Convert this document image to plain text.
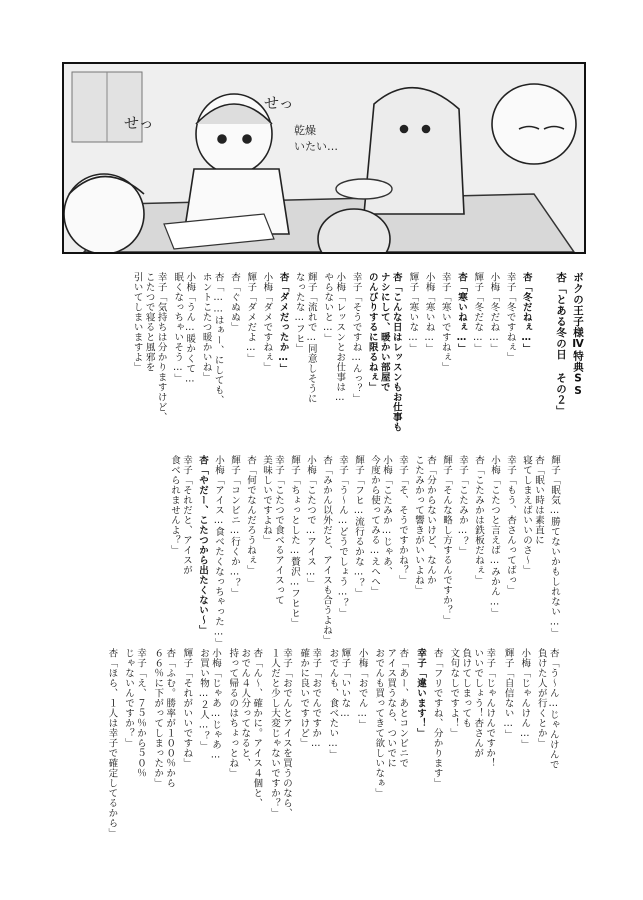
せっ
せっ	乾燥
いたい…
ボクの王子様Ⅳ特典SS
杏「とある冬の日 その２」
杏「冬だねぇ…」
幸子「冬ですねぇ」
小梅「冬だね…」
輝子「冬だな…」
杏「寒いねぇ…」
幸子「寒いですねぇ」
小梅「寒いね…」
輝子「寒いな…」
杏「こんな日はレッスンもお仕事も
ナシにして、暖かい部屋で
のんびりするに限るねぇ」
幸子「そうですね…んっ？」
小梅「レッスンとお仕事は…
やらないと…」
輝子「流れで…同意しそうに
なったな…フヒ」
杏「ダメだったか…」
小梅「ダメですねぇ」
輝子「ダメだよ…」
杏「ぐぬぬ」
杏「……はぁー、にしても、
ホントこたつ暖かいね」
小梅「うん…暖かくて…
眠くなっちゃいそう…」
幸子「気持ちは分かりますけど、
こたつで寝ると風邪を
引いてしまいますよ」
輝子「眠気…勝てないかもしれない…」
杏「眠い時は素直に
寝てしまえばいいのさ～」
幸子「もう、杏さんってばっ」
小梅「こたつと言えば…みかん…」
杏「こたみかは鉄板だねぇ」
幸子「こたみか…？」
輝子「そんな略し方するんですか？」
杏「分からないけど、なんか
こたみかって響きがいいよね」
幸子「そ、そうですかね？」
小梅「こたみか…じゃあ、
今度から使ってみる…えへへ」
輝子「フヒ…流行るかな…？」
幸子「う～ん…どうでしょう…？」
杏「みかん以外だと、アイスも合うよね」
小梅「こたつで…アイス…」
輝子「ちょっとした…贅沢…フヒヒ」
幸子「こたつで食べるアイスって
美味しいですよね」
杏「何でなんだろうねぇ」
輝子「コンビニ…行くか…？」
小梅「アイス…食べたくなっちゃった…」
杏「やだー、こたつから出たくない～」
幸子「それだと、アイスが
食べられませんよ？」
杏「う～ん…じゃんけんで
負けた人が行くとか」
小梅「じゃんけん…」
輝子「自信ない…」
幸子「じゃんけんですか！
いいでしょう！杏さんが
負けてしまっても
文句なしですよ！」
杏「フリですね、分かります」
幸子「違います！」
杏「あー、あとコンビニで
アイス買うなら、ついでに
おでんも買ってきて欲しいなぁ」
小梅「おでん…」
輝子「いいな…
おでんも、食べたい…」
幸子「おでんですか…
確かに良いですけど」
幸子「おでんとアイスを買うのなら、
１人だと少し大変じゃないですか？」
杏「ん～、確かに。アイス４個と、
おでん４人分ってなると、
持って帰るのはちょっとね」
小梅「じゃあ…じゃあ…
お買い物…２人…？」
輝子「それがいいですね」
杏「ふむ。勝率が１００％から
６６％に下がってしまったか」
幸子「え、７５％から５０％
じゃないんですか？」
杏「ほら、１人は幸子で確定してるから」
